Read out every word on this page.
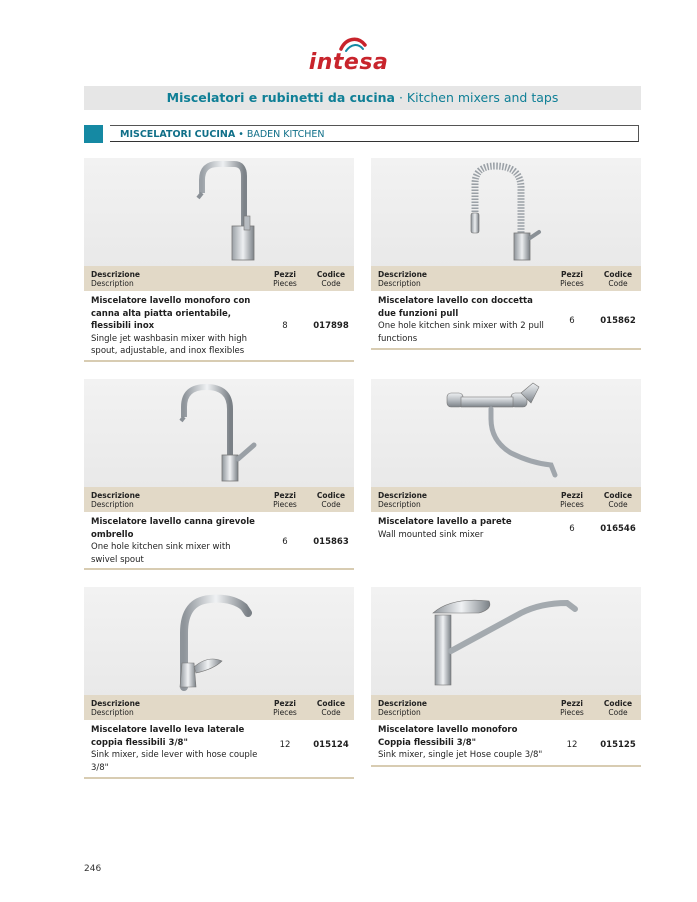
intesa
Miscelatori e rubinetti da cucina · Kitchen mixers and taps
MISCELATORI CUCINA • BADEN KITCHEN
Descrizione
Description
Pezzi
Pieces
Codice
Code
Miscelatore lavello monoforo con canna alta piatta orientabile, flessibili inox
Single jet washbasin mixer with high spout, adjustable, and inox flexibles
8	017898
Descrizione
Description
Pezzi
Pieces
Codice
Code
Miscelatore lavello con doccetta due funzioni pull
One hole kitchen sink mixer with 2 pull functions
6	015862
Descrizione
Description
Pezzi
Pieces
Codice
Code
Miscelatore lavello canna girevole ombrello
One hole kitchen sink mixer with swivel spout
6	015863
Descrizione
Description
Pezzi
Pieces
Codice
Code
Miscelatore lavello a parete
Wall mounted sink mixer
6	016546
Descrizione
Description
Pezzi
Pieces
Codice
Code
Miscelatore lavello leva laterale coppia flessibili 3/8"
Sink mixer, side lever with hose couple 3/8"
12	015124
Descrizione
Description
Pezzi
Pieces
Codice
Code
Miscelatore lavello monoforo Coppia flessibili 3/8"
Sink mixer, single jet Hose couple 3/8"
12	015125
246
